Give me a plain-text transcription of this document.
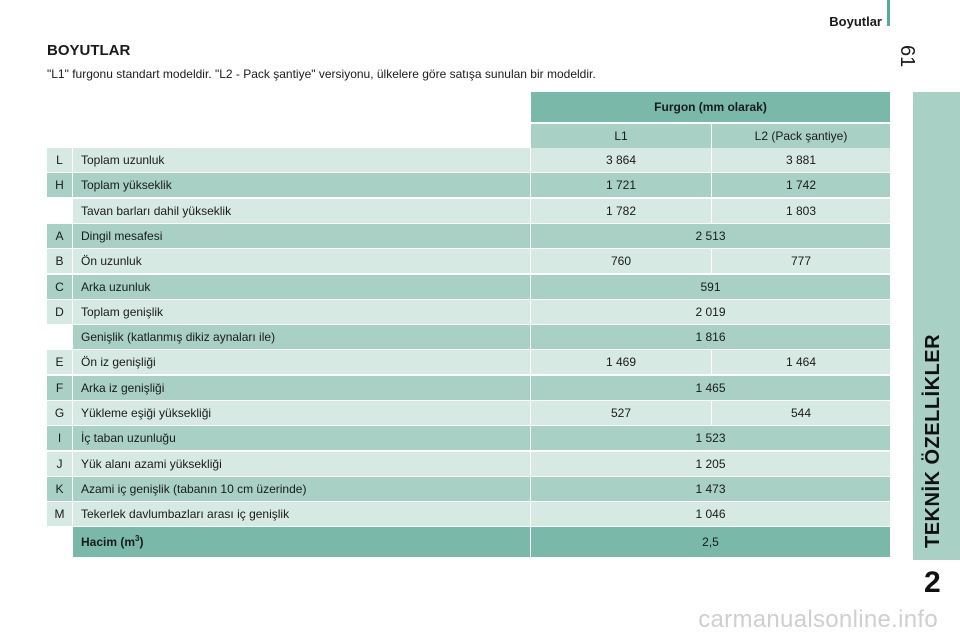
Boyutlar
61
TEKNİK ÖZELLİKLER
2
BOYUTLAR
"L1" furgonu standart modeldir. "L2 - Pack şantiye" versiyonu, ülkelere göre satışa sunulan bir modeldir.
Furgon (mm olarak)
L1	L2 (Pack şantiye)
L	Toplam uzunluk	3 864	3 881
H	Toplam yükseklik	1 721	1 742
Tavan barları dahil yükseklik	1 782	1 803
A	Dingil mesafesi	2 513
B	Ön uzunluk	760	777
C	Arka uzunluk	591
D	Toplam genişlik	2 019
Genişlik (katlanmış dikiz aynaları ile)	1 816
E	Ön iz genişliği	1 469	1 464
F	Arka iz genişliği	1 465
G	Yükleme eşiği yüksekliği	527	544
I	İç taban uzunluğu	1 523
J	Yük alanı azami yüksekliği	1 205
K	Azami iç genişlik (tabanın 10 cm üzerinde)	1 473
M	Tekerlek davlumbazları arası iç genişlik	1 046
Hacim $(m^3)$	2,5
carmanualsonline.info
